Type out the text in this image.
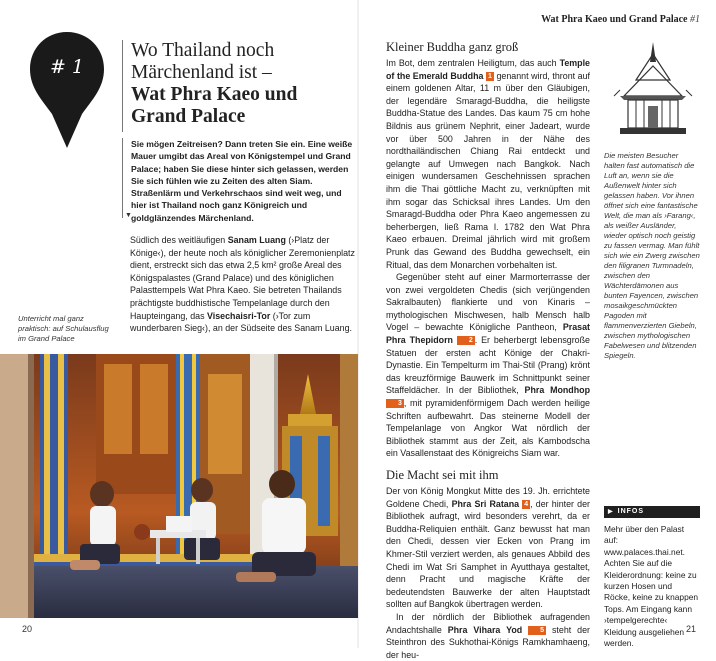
# 1
Wo Thailand noch
Märchenland ist –
Wat Phra Kaeo und
Grand Palace

Sie mögen Zeitreisen? Dann treten Sie ein. Eine weiße Mauer umgibt das Areal von Königstempel und Grand Palace; haben Sie diese hinter sich gelassen, werden Sie sich fühlen wie zu Zeiten des alten Siam. Straßenlärm und Verkehrschaos sind weit weg, und hier ist Thailand noch ganz Königreich und goldglänzendes Märchenland.

▼

Südlich des weitläufigen Sanam Luang (›Platz der Könige‹), der heute noch als königlicher Zeremonienplatz dient, erstreckt sich das etwa 2,5 km² große Areal des Königspalastes (Grand Palace) und des königlichen Palasttempels Wat Phra Kaeo. Sie betreten Thailands prächtigste buddhistische Tempelanlage durch den Haupteingang, das Visechaisri-Tor (›Tor zum wunderbaren Sieg‹), an der Südseite des Sanam Luang.

Unterricht mal ganz praktisch: auf Schulausflug im Grand Palace

20
Wat Phra Kaeo und Grand Palace #1
Kleiner Buddha ganz groß

Im Bot, dem zentralen Heiligtum, das auch Temple of the Emerald Buddha 1 genannt wird, thront auf einem goldenen Altar, 11 m über den Gläubigen, der legendäre Smaragd-Buddha, die heiligste Buddha-Statue des Landes. Das kaum 75 cm hohe Bildnis aus grünem Nephrit, einer Jadeart, wurde vor über 500 Jahren in der Nähe des nordthailändischen Chiang Rai entdeckt und gelangte auf Umwegen nach Bangkok. Nach einigen wundersamen Geschehnissen sprachen ihm die Thai göttliche Macht zu, verknüpften mit ihm sogar das Schicksal ihres Landes. Um den Smaragd-Buddha oder Phra Kaeo angemessen zu beherbergen, ließ Rama I. 1782 den Wat Phra Kaeo erbauen. Dreimal jährlich wird mit großem Prunk das Gewand des Buddha gewechselt, ein Ritual, das dem Monarchen vorbehalten ist.

Gegenüber steht auf einer Marmorterrasse der von zwei vergoldeten Chedis (sich verjüngenden Sakralbauten) flankierte und von Kinaris – mythologischen Mischwesen, halb Mensch halb Vogel – bewachte Königliche Pantheon, Prasat Phra Thepidorn 2 . Er beherbergt lebensgroße Statuen der ersten acht Könige der Chakri-Dynastie. Ein Tempelturm im Thai-Stil (Prang) krönt das kreuzförmige Bauwerk im Schnittpunkt seiner Staffeldächer. In der Bibliothek, Phra Mondhop 3 , mit pyramidenförmigem Dach werden heilige Schriften aufbewahrt. Das steinerne Modell der Tempelanlage von Angkor Wat nördlich der Bibliothek stammt aus der Zeit, als Kambodscha ein Vasallenstaat des Königreichs Siam war.

Die Macht sei mit ihm

Der von König Mongkut Mitte des 19. Jh. errichtete Goldene Chedi, Phra Sri Ratana 4 , der hinter der Bibliothek aufragt, wird besonders verehrt, da er Buddha-Reliquien enthält. Ganz bewusst hat man den Chedi, dessen vier Ecken von Prang im Khmer-Stil verziert werden, als genaues Abbild des Chedi im Wat Sri Samphet in Ayutthaya gestaltet, denn Pracht und magische Kräfte der bedeutendsten Bauwerke der alten Hauptstadt sollten auf Bangkok übertragen werden.

In der nördlich der Bibliothek aufragenden Andachtshalle Phra Vihara Yod	5 steht der Steinthron des Sukhothai-Königs Ramkhamhaeng, der heu-

Die meisten Besucher halten fast automatisch die Luft an, wenn sie die Außenwelt hinter sich gelassen haben. Vor ihnen öffnet sich eine fantastische Welt, die man als ›Farang‹, als weißer Ausländer, wieder optisch noch geistig zu fassen vermag. Man fühlt sich wie ein Zwerg zwischen den filigranen Turmnadeln, zwischen den Wächterdämonen aus bunten Fayencen, zwischen mosaikgeschmückten Pagoden mit flammenverzierten Giebeln, zwischen mythologischen Fabelwesen und blitzenden Spiegeln.

▶ INFOS

Mehr über den Palast auf: www.palaces.thai.net. Achten Sie auf die Kleiderordnung: keine zu kurzen Hosen und Röcke, keine zu knappen Tops. Am Eingang kann ›tempelgerechte‹ Kleidung ausgeliehen werden.

21
